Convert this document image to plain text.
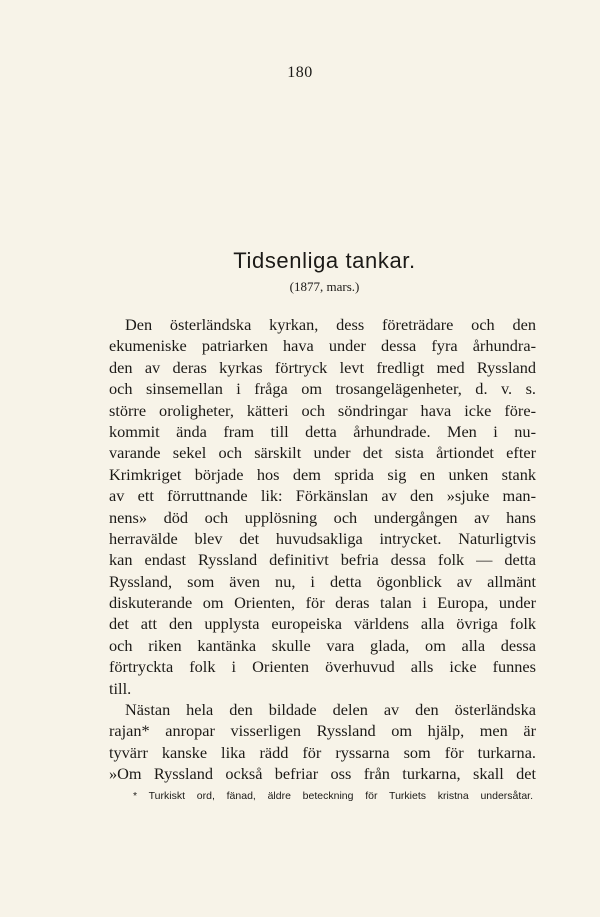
180
Tidsenliga tankar.
(1877, mars.)
Den österländska kyrkan, dess företrädare och den
ekumeniske patriarken hava under dessa fyra århundra-
den av deras kyrkas förtryck levt fredligt med Ryssland
och sinsemellan i fråga om trosangelägenheter, d. v. s.
större oroligheter, kätteri och söndringar hava icke före-
kommit ända fram till detta århundrade. Men i nu-
varande sekel och särskilt under det sista årtiondet efter
Krimkriget började hos dem sprida sig en unken stank
av ett förruttnande lik: Förkänslan av den »sjuke man-
nens» död och upplösning och undergången av hans
herravälde blev det huvudsakliga intrycket. Naturligtvis
kan endast Ryssland definitivt befria dessa folk — detta
Ryssland, som även nu, i detta ögonblick av allmänt
diskuterande om Orienten, för deras talan i Europa, under
det att den upplysta europeiska världens alla övriga folk
och riken kantänka skulle vara glada, om alla dessa
förtryckta folk i Orienten överhuvud alls icke funnes
till.
Nästan hela den bildade delen av den österländska
rajan* anropar visserligen Ryssland om hjälp, men är
tyvärr kanske lika rädd för ryssarna som för turkarna.
»Om Ryssland också befriar oss från turkarna, skall det
* Turkiskt ord, fänad, äldre beteckning för Turkiets kristna undersåtar.
